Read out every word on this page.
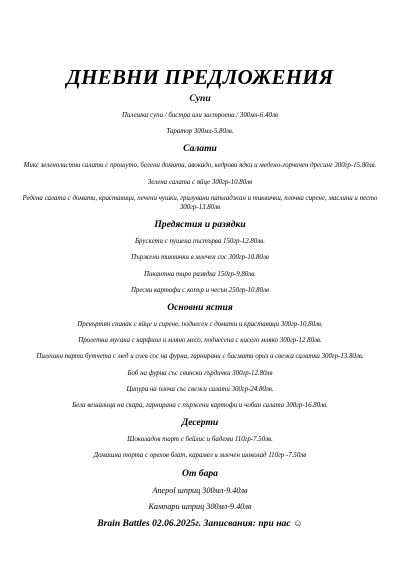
ДНЕВНИ ПРЕДЛОЖЕНИЯ
Супи
Пилешка супа / бистра или застроена / 300мл-6.40лв
Таратор 300мл-5.80лв.
Салати
Микс зеленолистни салати с прошуто, белени домати, авокадо, кедрови ядки и медено-горчичен дресинг 300гр-15.80лв.
Зелена салата с яйце 300гр-10.80лв
Редена салата с домати, краставици, печени чушки, грилувани патладжан и тиквички, плочка сирене, маслини и песто 300гр-13.80лв
Предястия и разядки
Брускети с пушена пъстърва 150гр-12.80лв.
Пържени тиквички в млечен сос 300гр-10.80лв
Пикантна тиро разядка 150гр-9.80лв.
Пресни картофи с копър и чесън 250гр-10.80лв
Основни ястия
Превъртян спанак с яйце и сирене, поднесен с домати и краставици 300гр-10.80лв.
Пролетна мусака с карфиол и мляно месо, поднесена с кисело мляко 300гр-12.80лв.
Пилешки парти бутчета с мед и соев сос на фурна, гарнирани с басмати ориз и свежа салатка 300гр-13.80лв.
Боб на фурна със свински гърдички 300гр-12.80лв
Ципура на плоча със свежи салати 300гр-24.80лв.
Бела вешалица на скара, гарнирана с пържени картофи и чобан салата 300гр-16.80лв.
Десерти
Шоколадов тарт с бейлис и бадеми 110гр-7.50лв.
Домашна торта с орехов блат, карамел и млечен шоколад 110гр -7.50лв
От бара
Апероl шприц 300мл-9.40лв
Кампари шприц 300мл-9.40лв
Brain Battles 02.06.2025г. Записвания: при нас ☺
